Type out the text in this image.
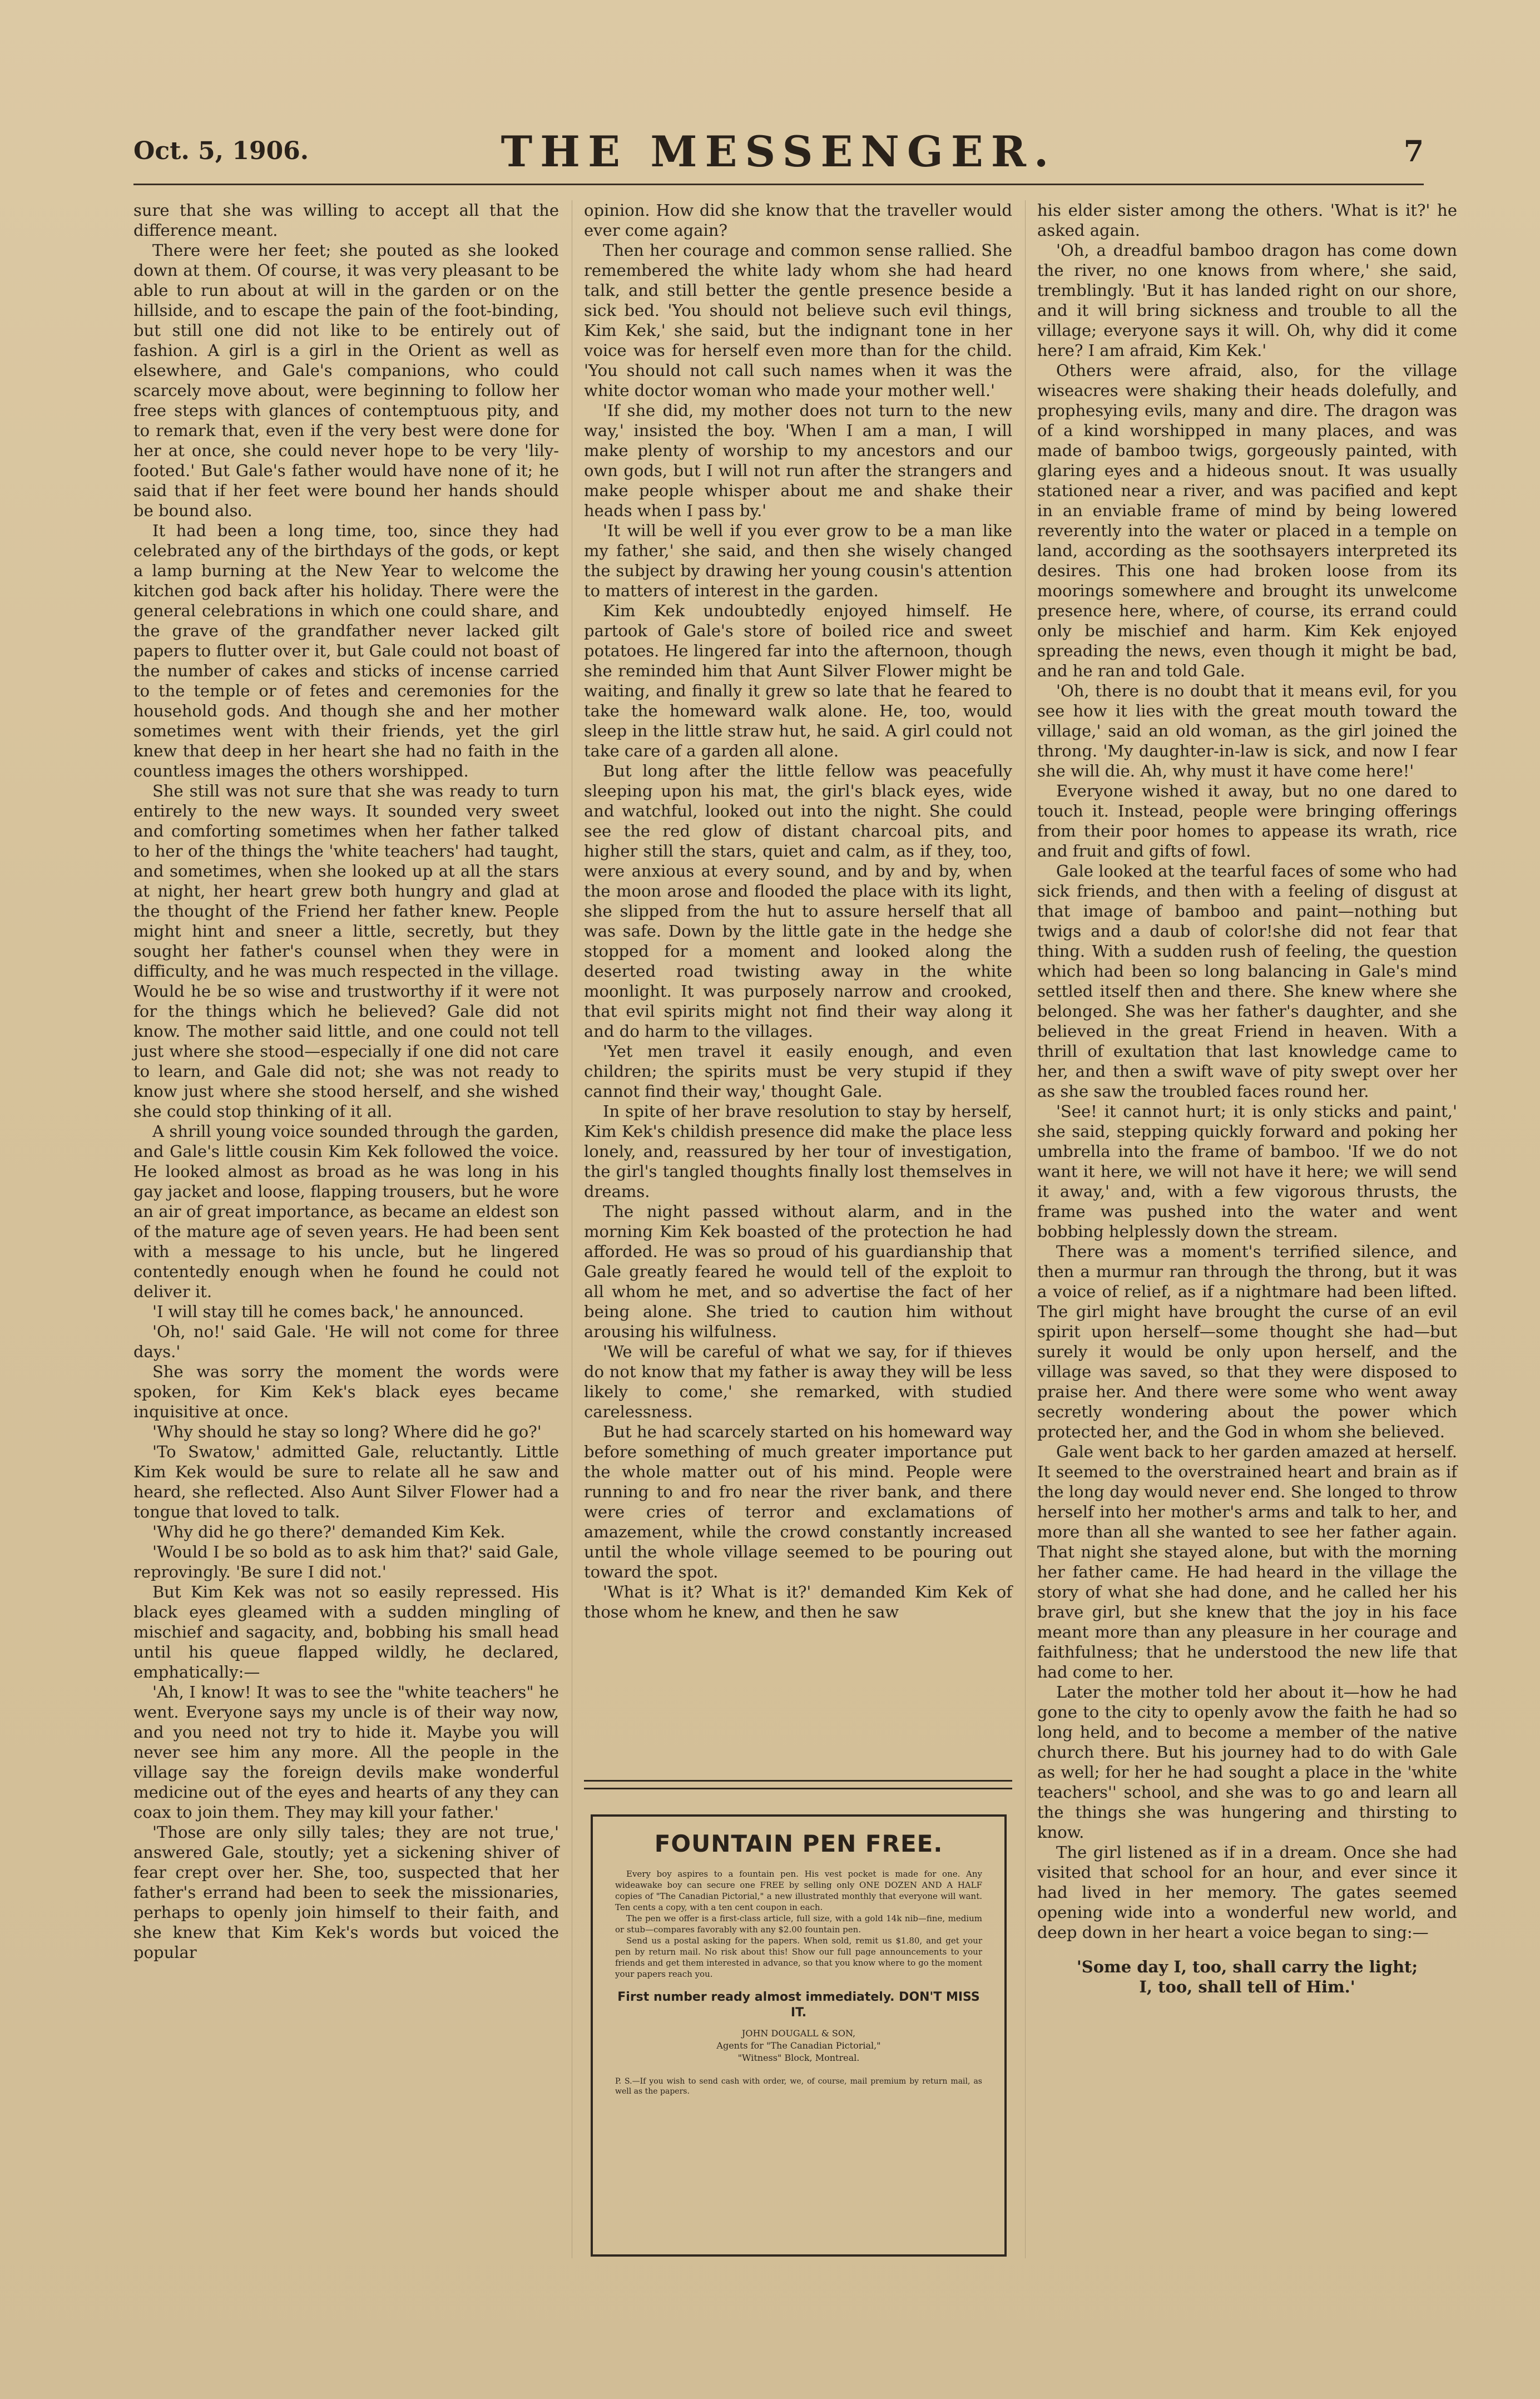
Oct. 5, 1906.	THE MESSENGER.	7

sure that she was willing to accept all that the difference meant.

There were her feet; she pouted as she looked down at them. Of course, it was very pleasant to be able to run about at will in the garden or on the hillside, and to escape the pain of the foot-binding, but still one did not like to be entirely out of fashion. A girl is a girl in the Orient as well as elsewhere, and Gale's companions, who could scarcely move about, were beginning to follow her free steps with glances of contemptuous pity, and to remark that, even if the very best were done for her at once, she could never hope to be very 'lily-footed.' But Gale's father would have none of it; he said that if her feet were bound her hands should be bound also.

It had been a long time, too, since they had celebrated any of the birthdays of the gods, or kept a lamp burning at the New Year to welcome the kitchen god back after his holiday. There were the general celebrations in which one could share, and the grave of the grandfather never lacked gilt papers to flutter over it, but Gale could not boast of the number of cakes and sticks of incense carried to the temple or of fetes and ceremonies for the household gods. And though she and her mother sometimes went with their friends, yet the girl knew that deep in her heart she had no faith in the countless images the others worshipped.

She still was not sure that she was ready to turn entirely to the new ways. It sounded very sweet and comforting sometimes when her father talked to her of the things the 'white teachers' had taught, and sometimes, when she looked up at all the stars at night, her heart grew both hungry and glad at the thought of the Friend her father knew. People might hint and sneer a little, secretly, but they sought her father's counsel when they were in difficulty, and he was much respected in the village. Would he be so wise and trustworthy if it were not for the things which he believed? Gale did not know. The mother said little, and one could not tell just where she stood—especially if one did not care to learn, and Gale did not; she was not ready to know just where she stood herself, and she wished she could stop thinking of it all.

A shrill young voice sounded through the garden, and Gale's little cousin Kim Kek followed the voice. He looked almost as broad as he was long in his gay jacket and loose, flapping trousers, but he wore an air of great importance, as became an eldest son of the mature age of seven years. He had been sent with a message to his uncle, but he lingered contentedly enough when he found he could not deliver it.

'I will stay till he comes back,' he announced.

'Oh, no!' said Gale. 'He will not come for three days.'

She was sorry the moment the words were spoken, for Kim Kek's black eyes became inquisitive at once.

'Why should he stay so long? Where did he go?'

'To Swatow,' admitted Gale, reluctantly. Little Kim Kek would be sure to relate all he saw and heard, she reflected. Also Aunt Silver Flower had a tongue that loved to talk.

'Why did he go there?' demanded Kim Kek.

'Would I be so bold as to ask him that?' said Gale, reprovingly. 'Be sure I did not.'

But Kim Kek was not so easily repressed. His black eyes gleamed with a sudden mingling of mischief and sagacity, and, bobbing his small head until his queue flapped wildly, he declared, emphatically:—

'Ah, I know! It was to see the "white teachers" he went. Everyone says my uncle is of their way now, and you need not try to hide it. Maybe you will never see him any more. All the people in the village say the foreign devils make wonderful medicine out of the eyes and hearts of any they can coax to join them. They may kill your father.'

'Those are only silly tales; they are not true,' answered Gale, stoutly; yet a sickening shiver of fear crept over her. She, too, suspected that her father's errand had been to seek the missionaries, perhaps to openly join himself to their faith, and she knew that Kim Kek's words but voiced the popular

opinion. How did she know that the traveller would ever come again?

Then her courage and common sense rallied. She remembered the white lady whom she had heard talk, and still better the gentle presence beside a sick bed. 'You should not believe such evil things, Kim Kek,' she said, but the indignant tone in her voice was for herself even more than for the child. 'You should not call such names when it was the white doctor woman who made your mother well.'

'If she did, my mother does not turn to the new way,' insisted the boy. 'When I am a man, I will make plenty of worship to my ancestors and our own gods, but I will not run after the strangers and make people whisper about me and shake their heads when I pass by.'

'It will be well if you ever grow to be a man like my father,' she said, and then she wisely changed the subject by drawing her young cousin's attention to matters of interest in the garden.

Kim Kek undoubtedly enjoyed himself. He partook of Gale's store of boiled rice and sweet potatoes. He lingered far into the afternoon, though she reminded him that Aunt Silver Flower might be waiting, and finally it grew so late that he feared to take the homeward walk alone. He, too, would sleep in the little straw hut, he said. A girl could not take care of a garden all alone.

But long after the little fellow was peacefully sleeping upon his mat, the girl's black eyes, wide and watchful, looked out into the night. She could see the red glow of distant charcoal pits, and higher still the stars, quiet and calm, as if they, too, were anxious at every sound, and by and by, when the moon arose and flooded the place with its light, she slipped from the hut to assure herself that all was safe. Down by the little gate in the hedge she stopped for a moment and looked along the deserted road twisting away in the white moonlight. It was purposely narrow and crooked, that evil spirits might not find their way along it and do harm to the villages.

'Yet men travel it easily enough, and even children; the spirits must be very stupid if they cannot find their way,' thought Gale.

In spite of her brave resolution to stay by herself, Kim Kek's childish presence did make the place less lonely, and, reassured by her tour of investigation, the girl's tangled thoughts finally lost themselves in dreams.

The night passed without alarm, and in the morning Kim Kek boasted of the protection he had afforded. He was so proud of his guardianship that Gale greatly feared he would tell of the exploit to all whom he met, and so advertise the fact of her being alone. She tried to caution him without arousing his wilfulness.

'We will be careful of what we say, for if thieves do not know that my father is away they will be less likely to come,' she remarked, with studied carelessness.

But he had scarcely started on his homeward way before something of much greater importance put the whole matter out of his mind. People were running to and fro near the river bank, and there were cries of terror and exclamations of amazement, while the crowd constantly increased until the whole village seemed to be pouring out toward the spot.

'What is it? What is it?' demanded Kim Kek of those whom he knew, and then he saw

his elder sister among the others. 'What is it?' he asked again.

'Oh, a dreadful bamboo dragon has come down the river, no one knows from where,' she said, tremblingly. 'But it has landed right on our shore, and it will bring sickness and trouble to all the village; everyone says it will. Oh, why did it come here? I am afraid, Kim Kek.'

Others were afraid, also, for the village wiseacres were shaking their heads dolefully, and prophesying evils, many and dire. The dragon was of a kind worshipped in many places, and was made of bamboo twigs, gorgeously painted, with glaring eyes and a hideous snout. It was usually stationed near a river, and was pacified and kept in an enviable frame of mind by being lowered reverently into the water or placed in a temple on land, according as the soothsayers interpreted its desires. This one had broken loose from its moorings somewhere and brought its unwelcome presence here, where, of course, its errand could only be mischief and harm. Kim Kek enjoyed spreading the news, even though it might be bad, and he ran and told Gale.

'Oh, there is no doubt that it means evil, for you see how it lies with the great mouth toward the village,' said an old woman, as the girl joined the throng. 'My daughter-in-law is sick, and now I fear she will die. Ah, why must it have come here!'

Everyone wished it away, but no one dared to touch it. Instead, people were bringing offerings from their poor homes to appease its wrath, rice and fruit and gifts of fowl.

Gale looked at the tearful faces of some who had sick friends, and then with a feeling of disgust at that image of bamboo and paint—nothing but twigs and a daub of color!she did not fear that thing. With a sudden rush of feeling, the question which had been so long balancing in Gale's mind settled itself then and there. She knew where she belonged. She was her father's daughter, and she believed in the great Friend in heaven. With a thrill of exultation that last knowledge came to her, and then a swift wave of pity swept over her as she saw the troubled faces round her.

'See! it cannot hurt; it is only sticks and paint,' she said, stepping quickly forward and poking her umbrella into the frame of bamboo. 'If we do not want it here, we will not have it here; we will send it away,' and, with a few vigorous thrusts, the frame was pushed into the water and went bobbing helplessly down the stream.

There was a moment's terrified silence, and then a murmur ran through the throng, but it was a voice of relief, as if a nightmare had been lifted. The girl might have brought the curse of an evil spirit upon herself—some thought she had—but surely it would be only upon herself, and the village was saved, so that they were disposed to praise her. And there were some who went away secretly wondering about the power which protected her, and the God in whom she believed.

Gale went back to her garden amazed at herself. It seemed to the overstrained heart and brain as if the long day would never end. She longed to throw herself into her mother's arms and talk to her, and more than all she wanted to see her father again. That night she stayed alone, but with the morning her father came. He had heard in the village the story of what she had done, and he called her his brave girl, but she knew that the joy in his face meant more than any pleasure in her courage and faithfulness; that he understood the new life that had come to her.

Later the mother told her about it—how he had gone to the city to openly avow the faith he had so long held, and to become a member of the native church there. But his journey had to do with Gale as well; for her he had sought a place in the 'white teachers'' school, and she was to go and learn all the things she was hungering and thirsting to know.

The girl listened as if in a dream. Once she had visited that school for an hour, and ever since it had lived in her memory. The gates seemed opening wide into a wonderful new world, and deep down in her heart a voice began to sing:—

'Some day I, too, shall carry the light;

I, too, shall tell of Him.'

FOUNTAIN PEN FREE.

Every boy aspires to a fountain pen. His vest pocket is made for one. Any wideawake boy can secure one FREE by selling only ONE DOZEN AND A HALF copies of "The Canadian Pictorial," a new illustrated monthly that everyone will want. Ten cents a copy, with a ten cent coupon in each.

The pen we offer is a first-class article, full size, with a gold 14k nib—fine, medium or stub—compares favorably with any $2.00 fountain pen.

Send us a postal asking for the papers. When sold, remit us $1.80, and get your pen by return mail. No risk about this! Show our full page announcements to your friends and get them interested in advance, so that you know where to go the moment your papers reach you.

First number ready almost immediately. DON'T MISS IT.
JOHN DOUGALL & SON,
Agents for "The Canadian Pictorial,"
"Witness" Block, Montreal.
P. S.—If you wish to send cash with order, we, of course, mail premium by return mail, as well as the papers.
